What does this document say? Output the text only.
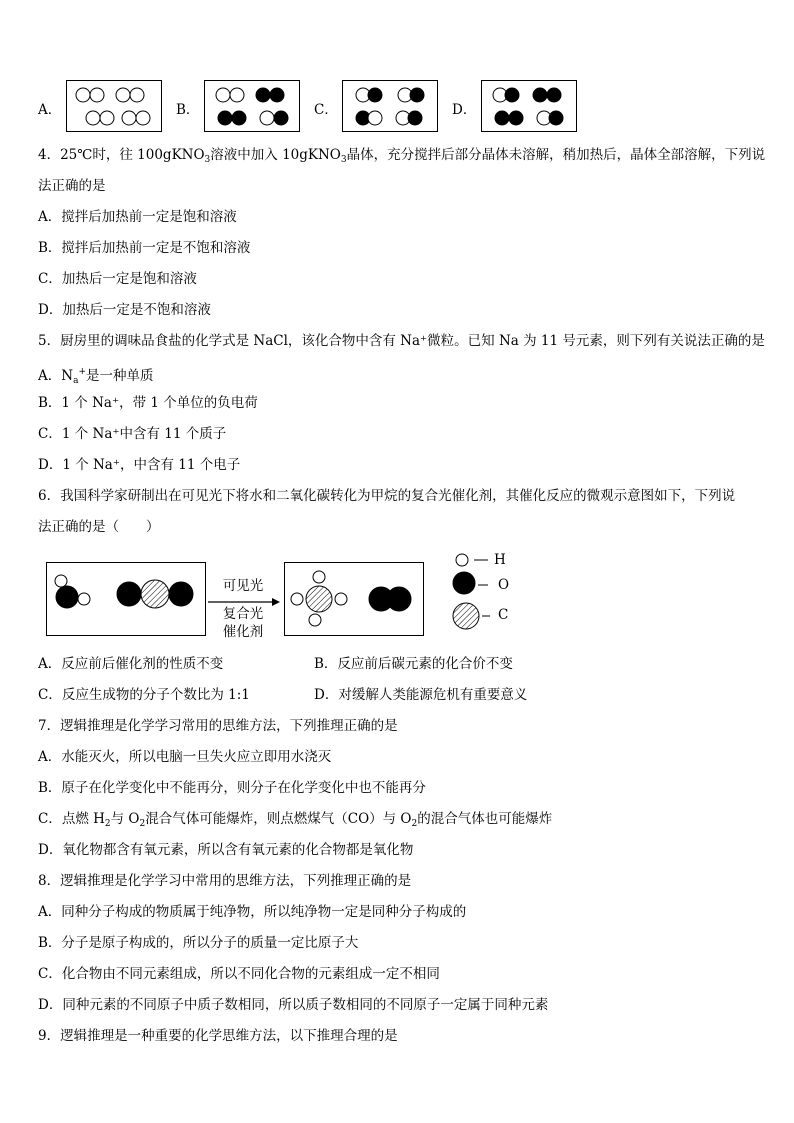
A．	B．	C．	D．
4．25℃时，往 100gKNO$_3$溶液中加入 10gKNO$_3$晶体，充分搅拌后部分晶体未溶解，稍加热后，晶体全部溶解，下列说
法正确的是
A．搅拌后加热前一定是饱和溶液
B．搅拌后加热前一定是不饱和溶液
C．加热后一定是饱和溶液
D．加热后一定是不饱和溶液
5．厨房里的调味品食盐的化学式是 NaCl，该化合物中含有 Na⁺微粒。已知 Na 为 11 号元素，则下列有关说法正确的是
A．$N_a^+$是一种单质
B．1 个 Na⁺，带 1 个单位的负电荷
C．1 个 Na⁺中含有 11 个质子
D．1 个 Na⁺，中含有 11 个电子
6．我国科学家研制出在可见光下将水和二氧化碳转化为甲烷的复合光催化剂，其催化反应的微观示意图如下，下列说
法正确的是（　　）
可见光
复合光
催化剂
H
O
C
A．反应前后催化剂的性质不变	B．反应前后碳元素的化合价不变
C．反应生成物的分子个数比为 1:1	D．对缓解人类能源危机有重要意义
7．逻辑推理是化学学习常用的思维方法，下列推理正确的是
A．水能灭火，所以电脑一旦失火应立即用水浇灭
B．原子在化学变化中不能再分，则分子在化学变化中也不能再分
C．点燃 $H_2$与 $O_2$混合气体可能爆炸，则点燃煤气（CO）与 $O_2$的混合气体也可能爆炸
D．氧化物都含有氧元素，所以含有氧元素的化合物都是氧化物
8．逻辑推理是化学学习中常用的思维方法，下列推理正确的是
A．同种分子构成的物质属于纯净物，所以纯净物一定是同种分子构成的
B．分子是原子构成的，所以分子的质量一定比原子大
C．化合物由不同元素组成，所以不同化合物的元素组成一定不相同
D．同种元素的不同原子中质子数相同，所以质子数相同的不同原子一定属于同种元素
9．逻辑推理是一种重要的化学思维方法，以下推理合理的是
